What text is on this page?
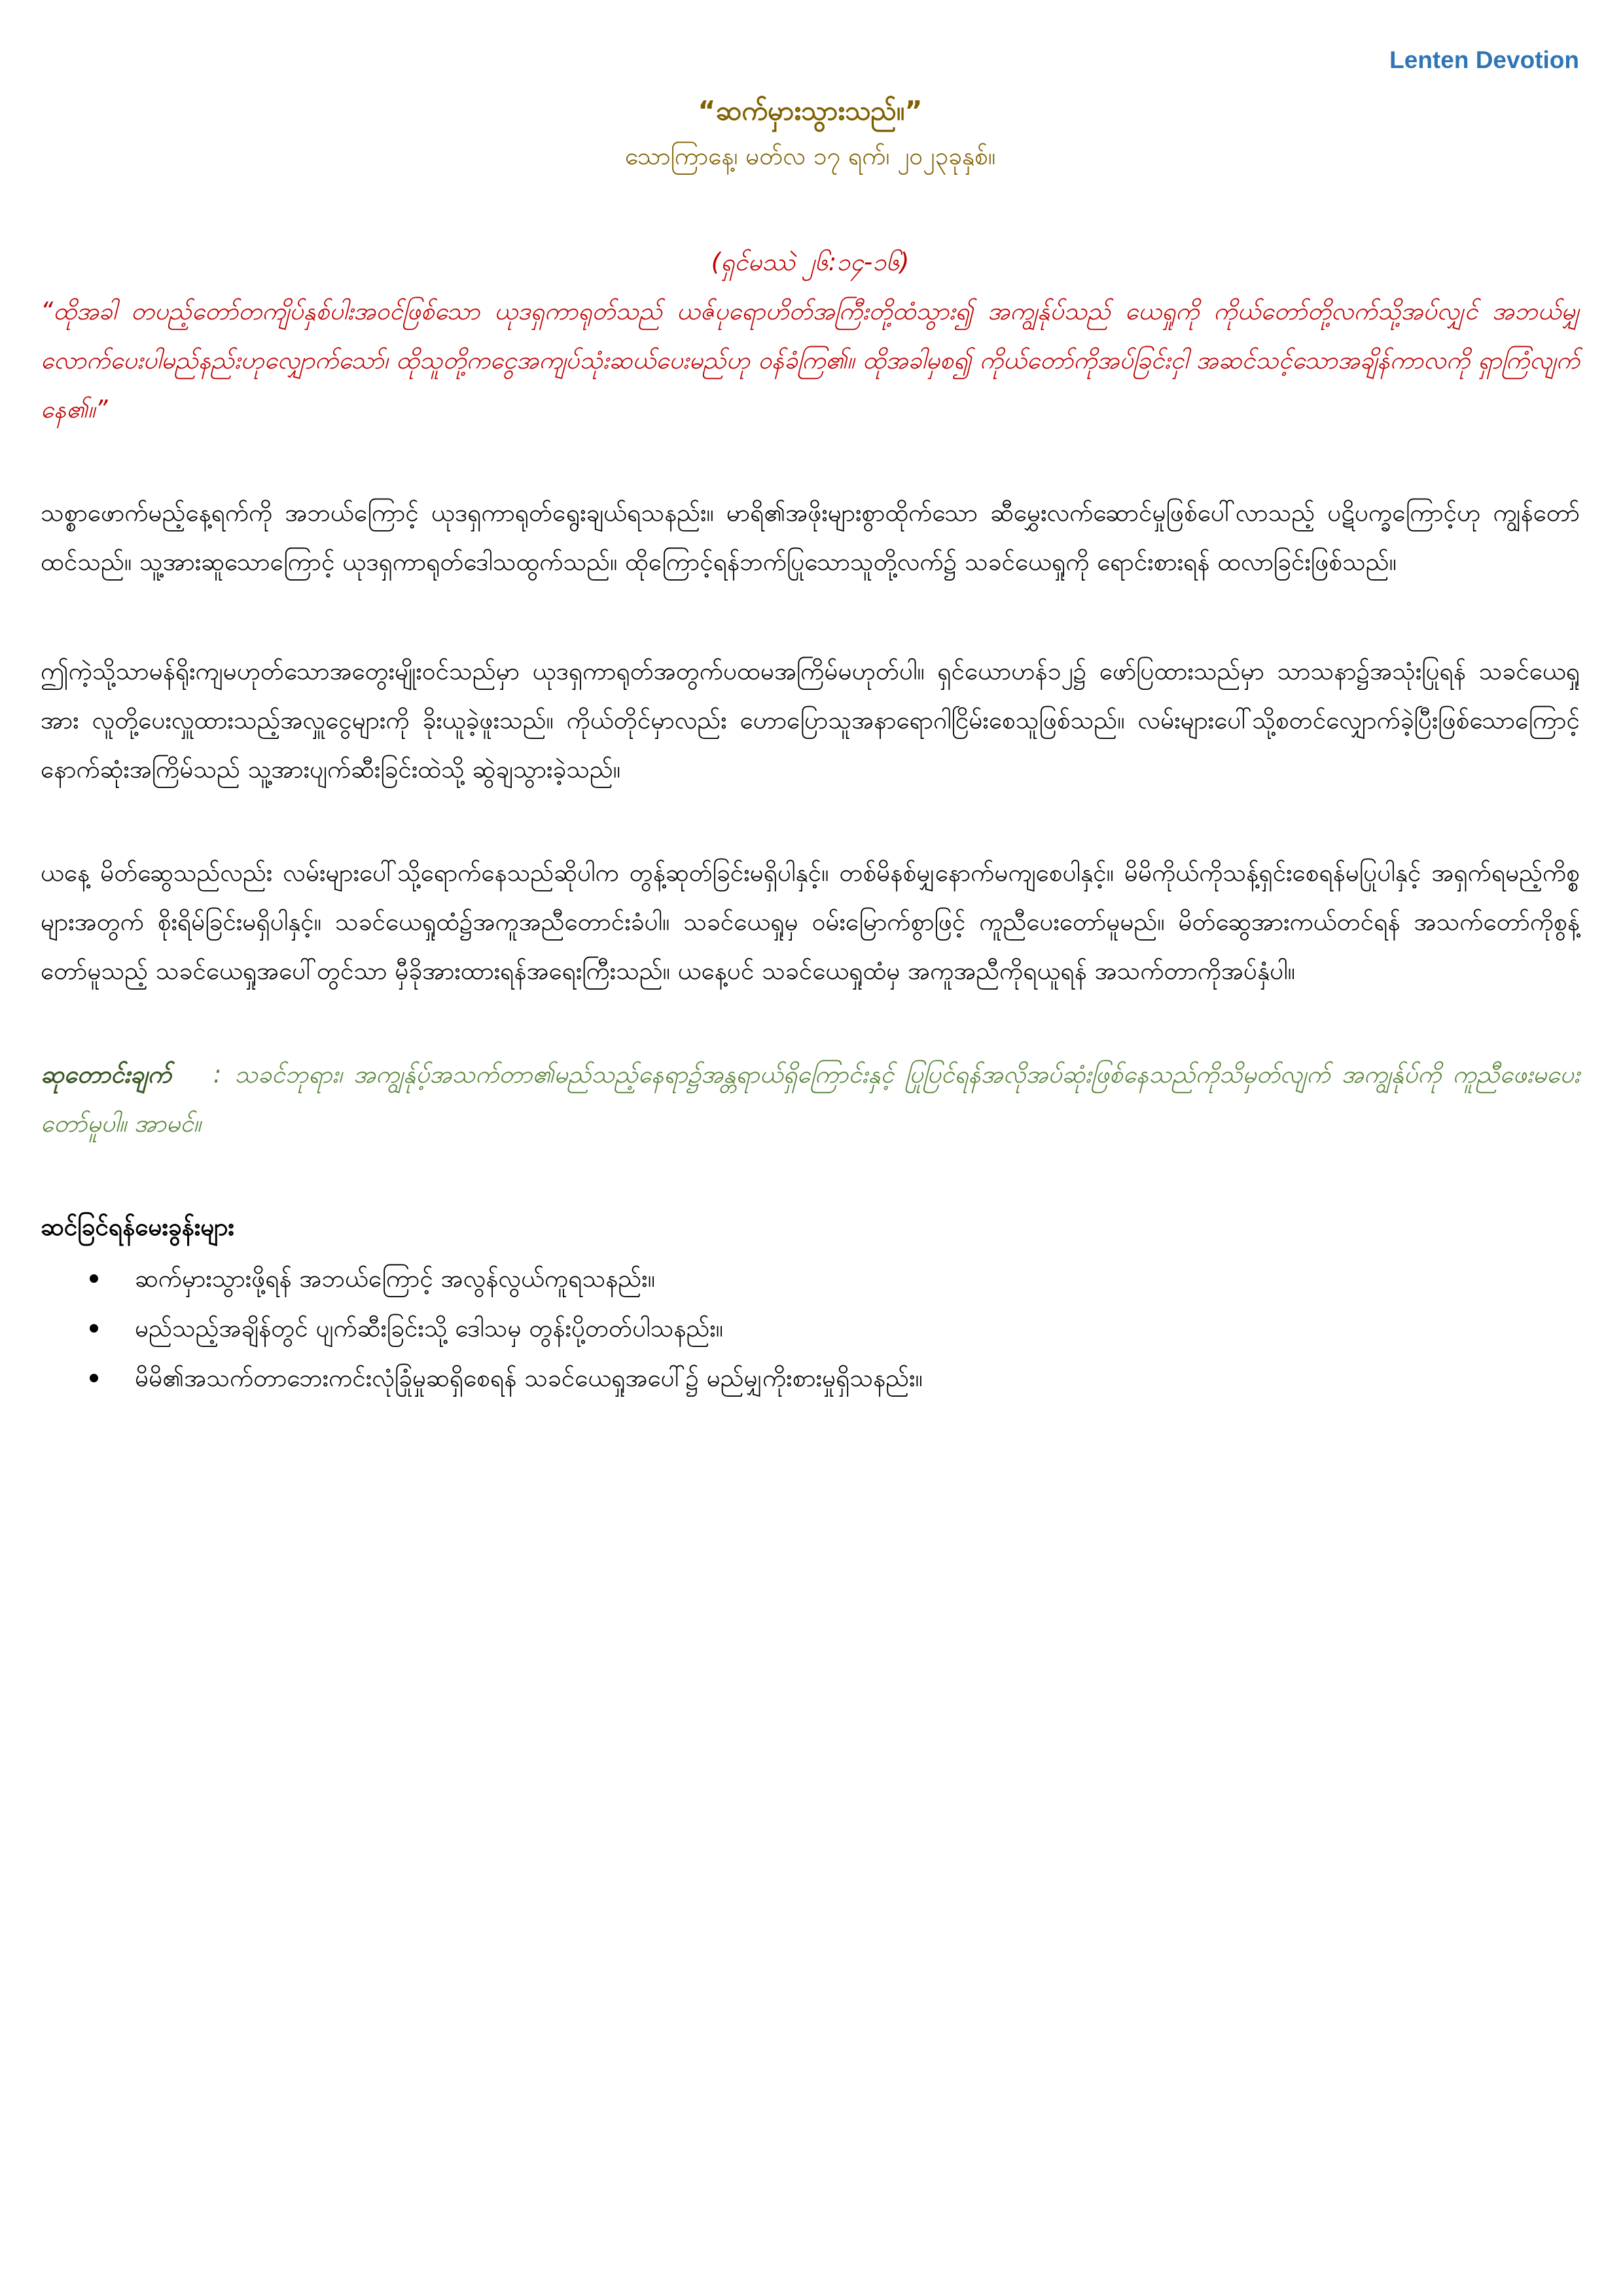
Lenten Devotion
“ဆက်မှားသွားသည်။”
သောကြာနေ့၊ မတ်လ ၁၇ ရက်၊ ၂၀၂၃ခုနှစ်။
(ရှင်မဿဲ ၂၆:၁၄-၁၆)
“ထိုအခါ တပည့်တော်တကျိပ်နှစ်ပါးအဝင်ဖြစ်သော ယုဒရှကာရုတ်သည် ယဇ်ပုရောဟိတ်အကြီးတို့ထံသွား၍ အကျွန်ုပ်သည် ယေရှုကို ကိုယ်တော်တို့လက်သို့အပ်လျှင် အဘယ်မျှလောက်ပေးပါမည်နည်းဟုလျှောက်သော်၊ ထိုသူတို့ကငွေအကျပ်သုံးဆယ်ပေးမည်ဟု ဝန်ခံကြ၏။ ထိုအခါမှစ၍ ကိုယ်တော်ကိုအပ်ခြင်းငှါ အဆင်သင့်သောအချိန်ကာလကို ရှာကြံလျက်နေ၏။”

သစ္စာဖောက်မည့်နေ့ရက်ကို အဘယ်ကြောင့် ယုဒရှကာရုတ်ရွေးချယ်ရသနည်း။ မာရိ၏အဖိုးများစွာထိုက်သော ဆီမွှေးလက်ဆောင်မှုဖြစ်ပေါ်လာသည့် ပဋိပက္ခကြောင့်ဟု ကျွန်တော်ထင်သည်။ သူ့အားဆူသောကြောင့် ယုဒရှကာရုတ်ဒေါသထွက်သည်။ ထိုကြောင့်ရန်ဘက်ပြုသောသူတို့လက်၌ သခင်ယေရှုကို ရောင်းစားရန် ထလာခြင်းဖြစ်သည်။

ဤကဲ့သို့သာမန်ရိုးကျမဟုတ်သောအတွေးမျိုးဝင်သည်မှာ ယုဒရှကာရုတ်အတွက်ပထမအကြိမ်မဟုတ်ပါ။ ရှင်ယောဟန်၁၂၌ ဖော်ပြထားသည်မှာ သာသနာ၌အသုံးပြုရန် သခင်ယေရှုအား လူတို့ပေးလှူထားသည့်အလှူငွေများကို ခိုးယူခဲ့ဖူးသည်။ ကိုယ်တိုင်မှာလည်း ဟောပြောသူအနာရောဂါငြိမ်းစေသူဖြစ်သည်။ လမ်းများပေါ်သို့စတင်လျှောက်ခဲ့ပြီးဖြစ်သောကြောင့် နောက်ဆုံးအကြိမ်သည် သူ့အားပျက်ဆီးခြင်းထဲသို့ ဆွဲချသွားခဲ့သည်။

ယနေ့ မိတ်ဆွေသည်လည်း လမ်းများပေါ်သို့ရောက်နေသည်ဆိုပါက တွန့်ဆုတ်ခြင်းမရှိပါနှင့်။ တစ်မိနစ်မျှနောက်မကျစေပါနှင့်။ မိမိကိုယ်ကိုသန့်ရှင်းစေရန်မပြုပါနှင့် အရှက်ရမည့်ကိစ္စများအတွက် စိုးရိမ်ခြင်းမရှိပါနှင့်။ သခင်ယေရှုထံ၌အကူအညီတောင်းခံပါ။ သခင်ယေရှုမှ ဝမ်းမြောက်စွာဖြင့် ကူညီပေးတော်မူမည်။ မိတ်ဆွေအားကယ်တင်ရန် အသက်တော်ကိုစွန့်တော်မူသည့် သခင်ယေရှုအပေါ်တွင်သာ မှီခိုအားထားရန်အရေးကြီးသည်။ ယနေ့ပင် သခင်ယေရှုထံမှ အကူအညီကိုရယူရန် အသက်တာကိုအပ်နှံပါ။

ဆုတောင်းချက် : သခင်ဘုရား၊ အကျွန်ုပ့်အသက်တာ၏မည်သည့်နေရာ၌အန္တရာယ်ရှိကြောင်းနှင့် ပြုပြင်ရန်အလိုအပ်ဆုံးဖြစ်နေသည်ကိုသိမှတ်လျက် အကျွန်ုပ်ကို ကူညီဖေးမပေးတော်မူပါ။ အာမင်။
ဆင်ခြင်ရန်မေးခွန်းများ
ဆက်မှားသွားဖို့ရန် အဘယ်ကြောင့် အလွန်လွယ်ကူရသနည်း။
မည်သည့်အချိန်တွင် ပျက်ဆီးခြင်းသို့ ဒေါသမှ တွန်းပို့တတ်ပါသနည်း။
မိမိ၏အသက်တာဘေးကင်းလုံခြုံမှုဆရှိစေရန် သခင်ယေရှုအပေါ်၌ မည်မျှကိုးစားမှုရှိသနည်း။
